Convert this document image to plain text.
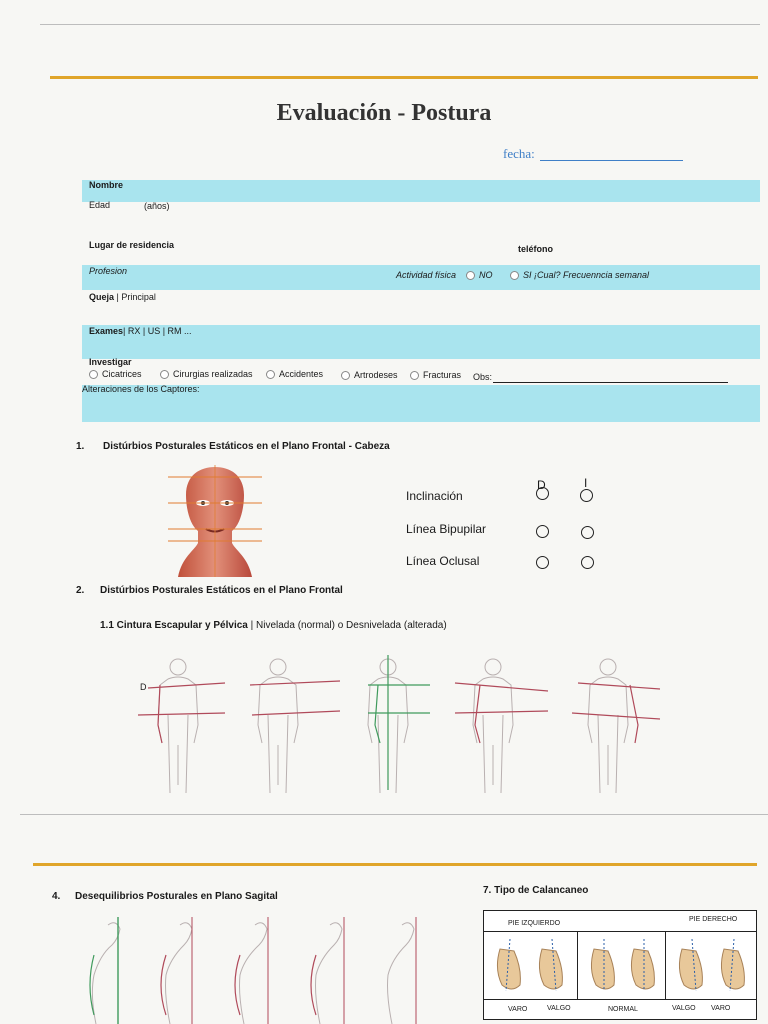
Evaluación - Postura
fecha:
Nombre
Edad	(años)
Lugar de residencia	teléfono
Profesion	Actividad física	NO	SI ¡Cual? Frecuenncia semanal
Queja | Principal
Exames| RX | US | RM ...
Investigar
Cicatrices	Cirurgias realizadas	Accidentes	Artrodeses	Fracturas Obs:
Alteraciones de los Captores:
1. Distúrbios Posturales Estáticos en el Plano Frontal - Cabeza
D	I
Inclinación
Línea Bipupilar
Línea Oclusal
2. Distúrbios Posturales Estáticos en el Plano Frontal
1.1 Cintura Escapular y Pélvica | Nivelada (normal) o Desnivelada (alterada)
D
4. Desequilibrios Posturales en Plano Sagital
7. Tipo de Calancaneo
PIE IZQUIERDO
PIE DERECHO
VARO	VALGO	NORMAL	VALGO VARO
